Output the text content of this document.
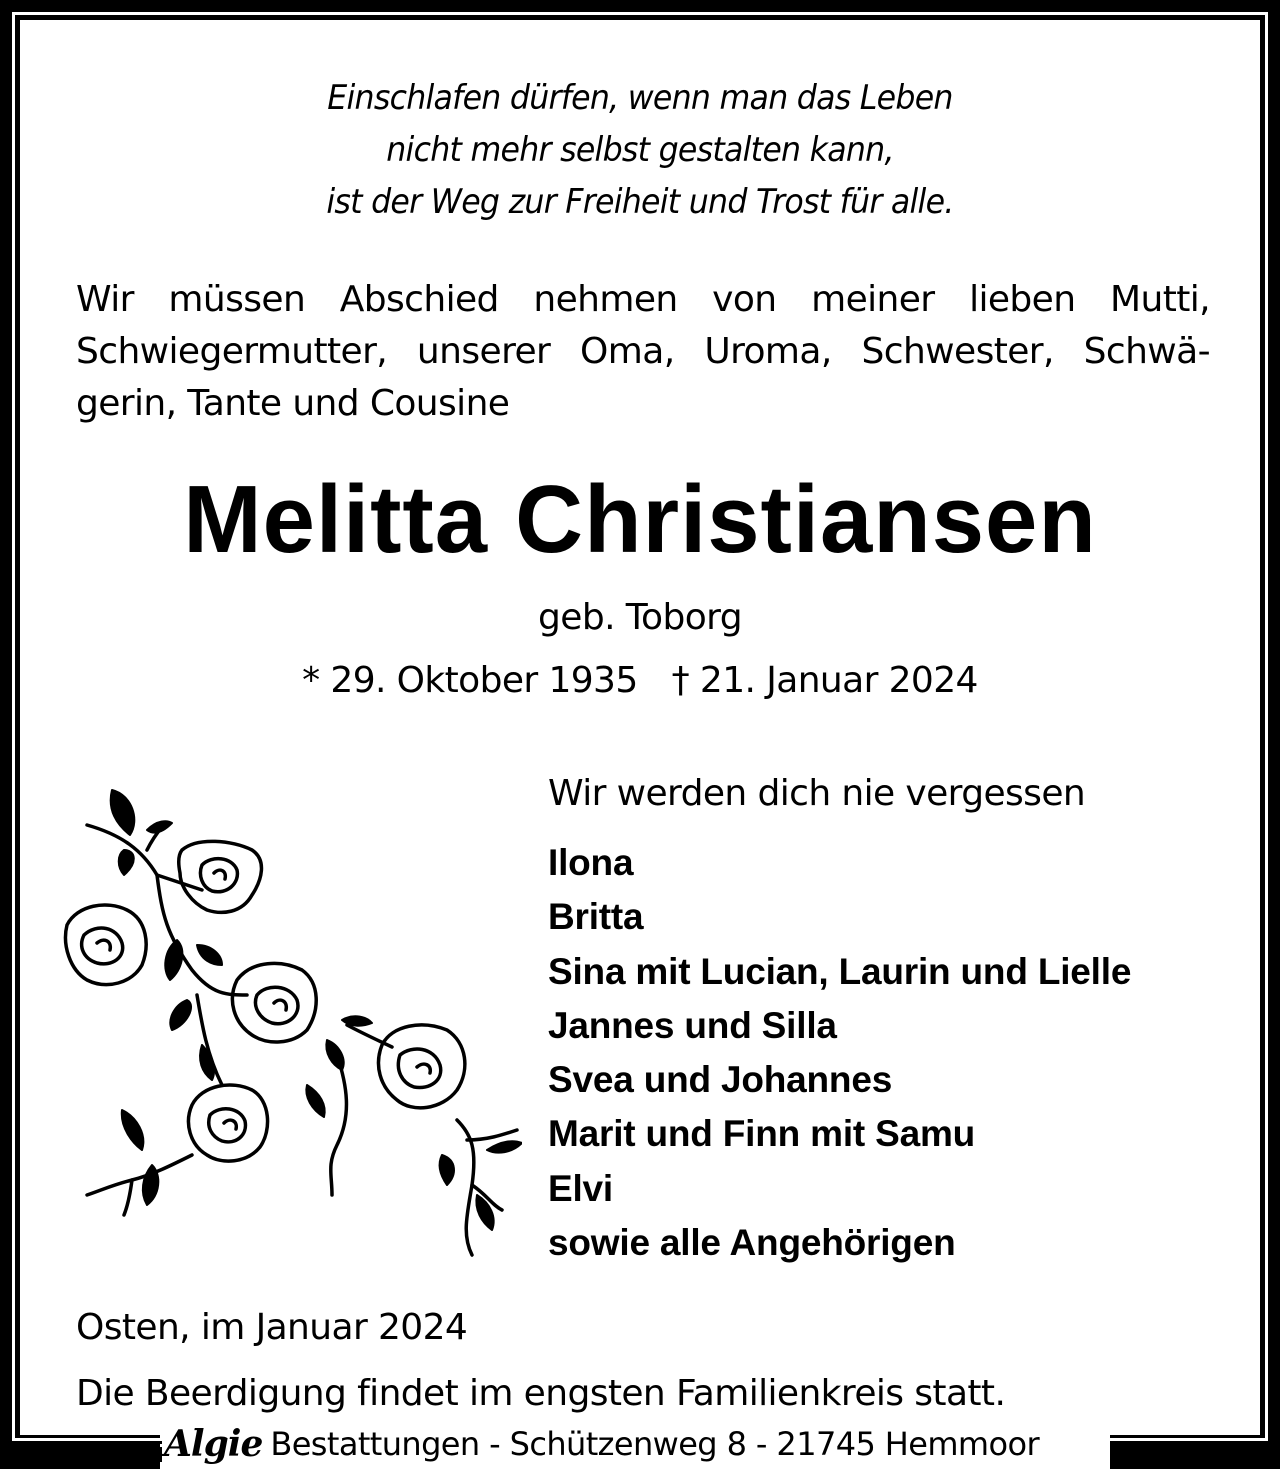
Einschlafen dürfen, wenn man das Leben
nicht mehr selbst gestalten kann,
ist der Weg zur Freiheit und Trost für alle.
Wir müssen Abschied nehmen von meiner lieben Mutti,
Schwiegermutter, unserer Oma, Uroma, Schwester, Schwä-
gerin, Tante und Cousine
Melitta Christiansen
geb. Toborg
* 29. Oktober 1935 † 21. Januar 2024
Wir werden dich nie vergessen
Ilona
Britta
Sina mit Lucian, Laurin und Lielle
Jannes und Silla
Svea und Johannes
Marit und Finn mit Samu
Elvi
sowie alle Angehörigen
Osten, im Januar 2024
Die Beerdigung findet im engsten Familienkreis statt.
Algie Bestattungen - Schützenweg 8 - 21745 Hemmoor
